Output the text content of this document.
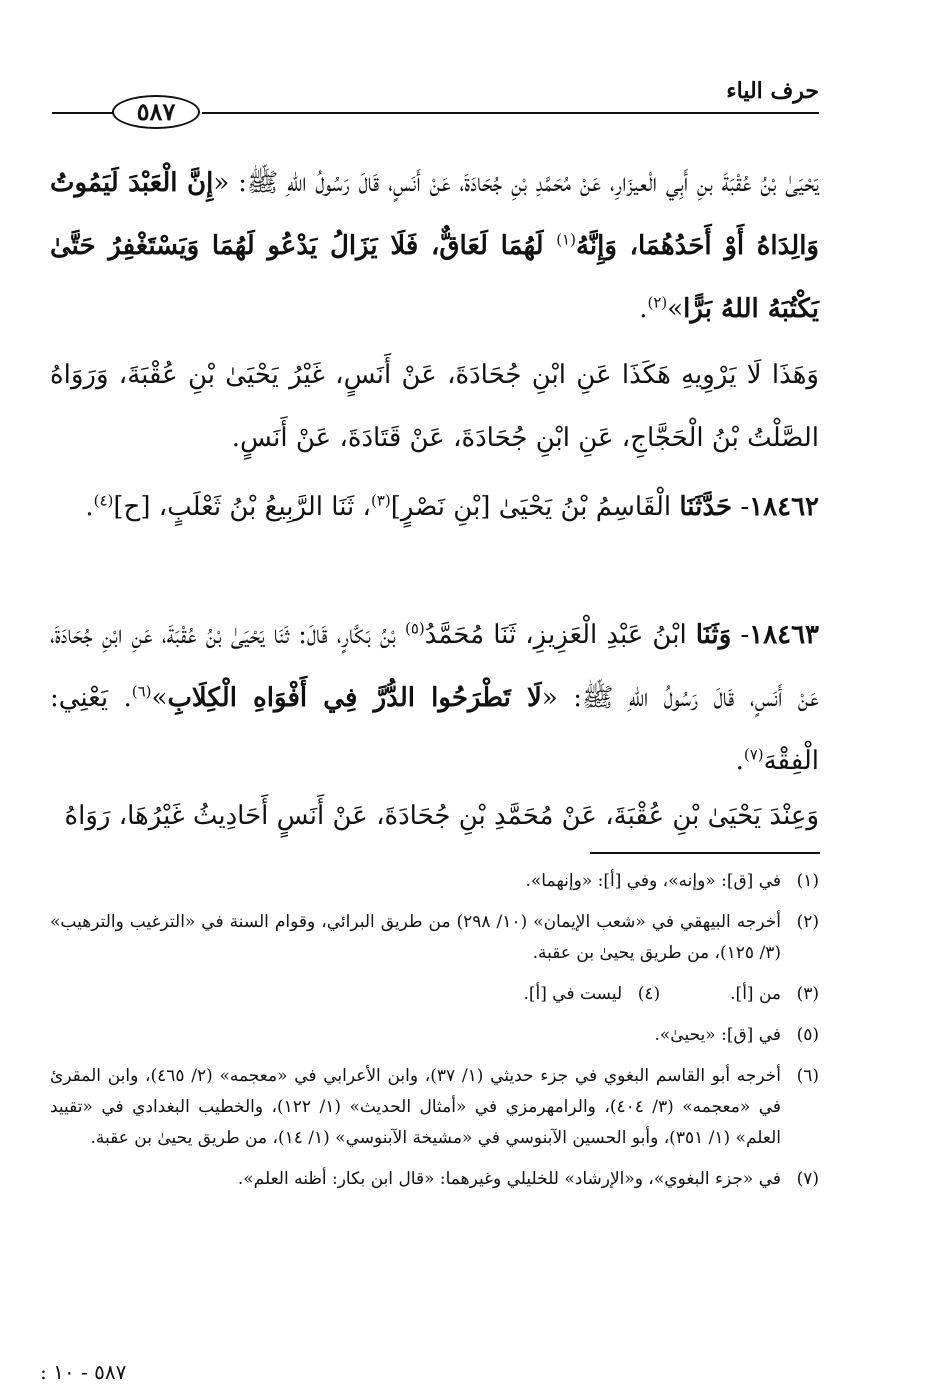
حرف الياء
٥٨٧

يَحْيَىٰ بْنُ عُقْبَةَ بنِ أَبِي الْعيزَارِ، عَنْ مُحَمَّدِ بْنِ جُحَادَةَ، عَنْ أَنَسٍ، قَالَ رَسُولُ اللهِ ﷺ: «إِنَّ الْعَبْدَ لَيَمُوتُ وَالِدَاهُ أَوْ أَحَدُهُمَا، وَإِنَّهُ$^{(١)}$ لَهُمَا لَعَاقٌّ، فَلَا يَزَالُ يَدْعُو لَهُمَا وَيَسْتَغْفِرُ حَتَّىٰ يَكْتُبَهُ اللهُ بَرًّا»$^{(٢)}$.

وَهَذَا لَا يَرْوِيهِ هَكَذَا عَنِ ابْنِ جُحَادَةَ، عَنْ أَنَسٍ، غَيْرُ يَحْيَىٰ بْنِ عُقْبَةَ، وَرَوَاهُ الصَّلْتُ بْنُ الْحَجَّاجِ، عَنِ ابْنِ جُحَادَةَ، عَنْ قَتَادَةَ، عَنْ أَنَسٍ.

١٨٤٦٢- حَدَّثَنَا الْقَاسِمُ بْنُ يَحْيَىٰ [بْنِ نَصْرٍ]$^{(٣)}$، ثَنَا الرَّبِيعُ بْنُ ثَعْلَبٍ، [ح]$^{(٤)}$.

١٨٤٦٣- وَثَنَا ابْنُ عَبْدِ الْعَزِيزِ، ثَنَا مُحَمَّدُ$^{(٥)}$ بْنُ بَكَّارٍ، قَالَ: ثَنَا يَحْيَىٰ بْنُ عُقْبَةَ، عَنِ ابْنِ جُحَادَةَ، عَنْ أَنَسٍ، قَالَ رَسُولُ اللهِ ﷺ: «لَا تَطْرَحُوا الدُّرَّ فِي أَفْوَاهِ الْكِلَابِ»$^{(٦)}$. يَعْنِي: الْفِقْهَ$^{(٧)}$.

وَعِنْدَ يَحْيَىٰ بْنِ عُقْبَةَ، عَنْ مُحَمَّدِ بْنِ جُحَادَةَ، عَنْ أَنَسٍ أَحَادِيثُ غَيْرُهَا، رَوَاهُ

(١)
في [ق]: «وإنه»، وفي [أ]: «وإنهما».
(٢)
أخرجه البيهقي في «شعب الإيمان» (١٠/ ٢٩٨) من طريق البرائي، وقوام السنة في «الترغيب والترهيب» (٣/ ١٢٥)، من طريق يحيىٰ بن عقبة.
(٣)
من [أ].
(٤)
ليست في [أ].
(٥)
في [ق]: «يحيىٰ».
(٦)
أخرجه أبو القاسم البغوي في جزء حديثي (١/ ٣٧)، وابن الأعرابي في «معجمه» (٢/ ٤٦٥)، وابن المقرئ في «معجمه» (٣/ ٤٠٤)، والرامهرمزي في «أمثال الحديث» (١/ ١٢٢)، والخطيب البغدادي في «تقييد العلم» (١/ ٣٥١)، وأبو الحسين الآبنوسي في «مشيخة الآبنوسي» (١/ ١٤)، من طريق يحيىٰ بن عقبة.
(٧)
في «جزء البغوي»، و«الإرشاد» للخليلي وغيرهما: «قال ابن بكار: أظنه العلم».
٥٨٧ - ١٠ :
